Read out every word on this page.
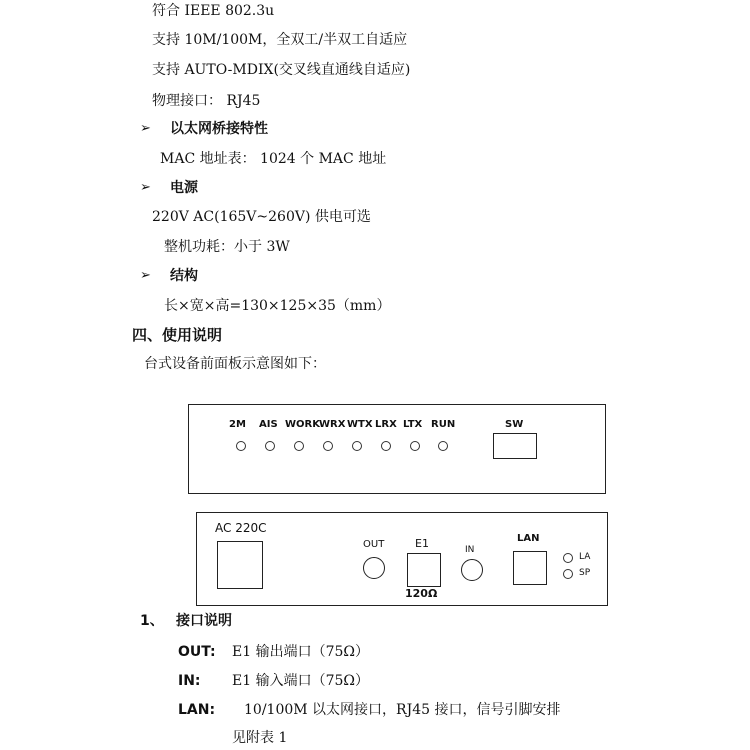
符合 IEEE 802.3u
支持 10M/100M，全双工/半双工自适应
支持 AUTO-MDIX(交叉线直通线自适应)
物理接口： RJ45
➢ 以太网桥接特性
MAC 地址表： 1024 个 MAC 地址
➢ 电源
220V AC(165V~260V) 供电可选
整机功耗：小于 3W
➢ 结构
长×宽×高=130×125×35（mm）
四、使用说明
台式设备前面板示意图如下：
2M AIS WORK WRX WTX LRX LTX RUN	SW
AC 220C
OUT	E1
120Ω
IN
LAN
LA
SP
1、 接口说明
OUT: E1 输出端口（75Ω）
IN: E1 输入端口（75Ω）
LAN: 10/100M 以太网接口，RJ45 接口，信号引脚安排
见附表 1
